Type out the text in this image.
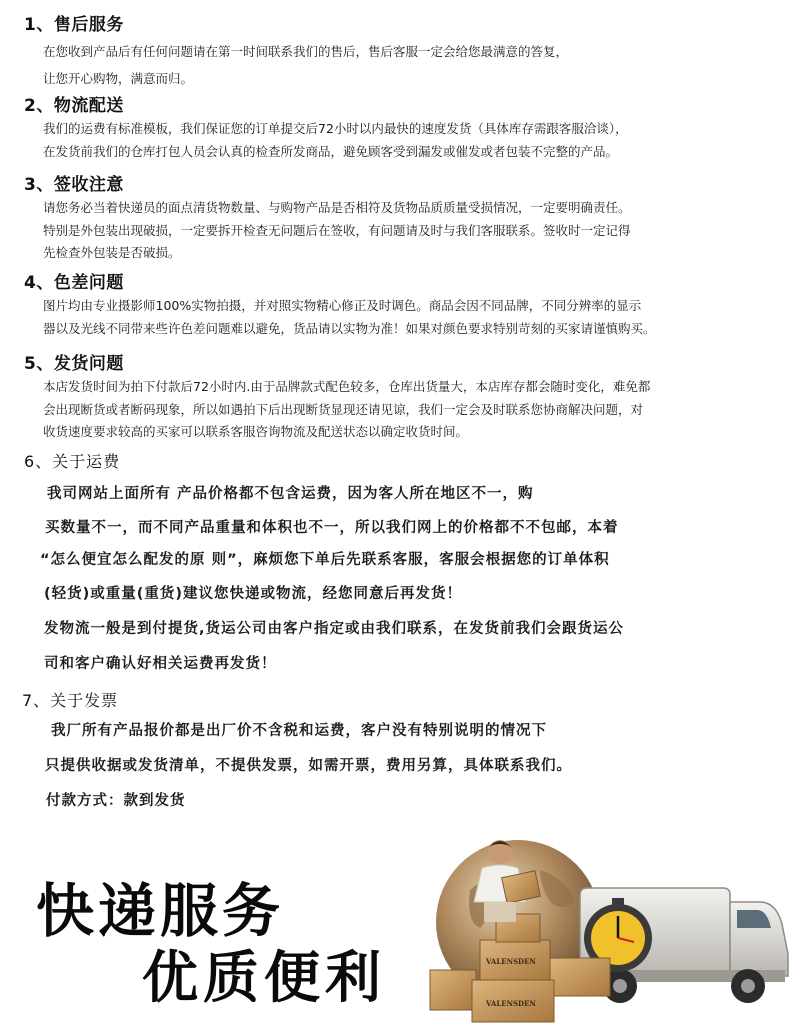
1、售后服务
在您收到产品后有任何问题请在第一时间联系我们的售后，售后客服一定会给您最满意的答复，
让您开心购物，满意而归。
2、物流配送
我们的运费有标准模板，我们保证您的订单提交后72小时以内最快的速度发货（具体库存需跟客服洽谈），
在发货前我们的仓库打包人员会认真的检查所发商品，避免顾客受到漏发或催发或者包装不完整的产品。
3、签收注意
请您务必当着快递员的面点清货物数量、与购物产品是否相符及货物品质质量受损情况，一定要明确责任。
特别是外包装出现破损，一定要拆开检查无问题后在签收，有问题请及时与我们客服联系。签收时一定记得
先检查外包装是否破损。
4、色差问题
图片均由专业摄影师100%实物拍摄，并对照实物精心修正及时调色。商品会因不同品牌，不同分辨率的显示
器以及光线不同带来些许色差问题难以避免，货品请以实物为准！如果对颜色要求特别苛刻的买家请谨慎购买。
5、发货问题
本店发货时间为拍下付款后72小时内.由于品牌款式配色较多，仓库出货量大，本店库存都会随时变化，难免都
会出现断货或者断码现象，所以如遇拍下后出现断货显现还请见谅，我们一定会及时联系您协商解决问题，对
收货速度要求较高的买家可以联系客服咨询物流及配送状态以确定收货时间。
6、关于运费
我司网站上面所有 产品价格都不包含运费，因为客人所在地区不一，购
买数量不一，而不同产品重量和体积也不一，所以我们网上的价格都不不包邮，本着
“怎么便宜怎么配发的原 则”，麻烦您下单后先联系客服，客服会根据您的订单体积
(轻货)或重量(重货)建议您快递或物流，经您同意后再发货！
发物流一般是到付提货,货运公司由客户指定或由我们联系，在发货前我们会跟货运公
司和客户确认好相关运费再发货！
7、关于发票
我厂所有产品报价都是出厂价不含税和运费，客户没有特别说明的情况下
只提供收据或发货清单，不提供发票，如需开票，费用另算，具体联系我们。
付款方式：款到发货
快递服务
优质便利	VALENSDEN
VALENSDEN
